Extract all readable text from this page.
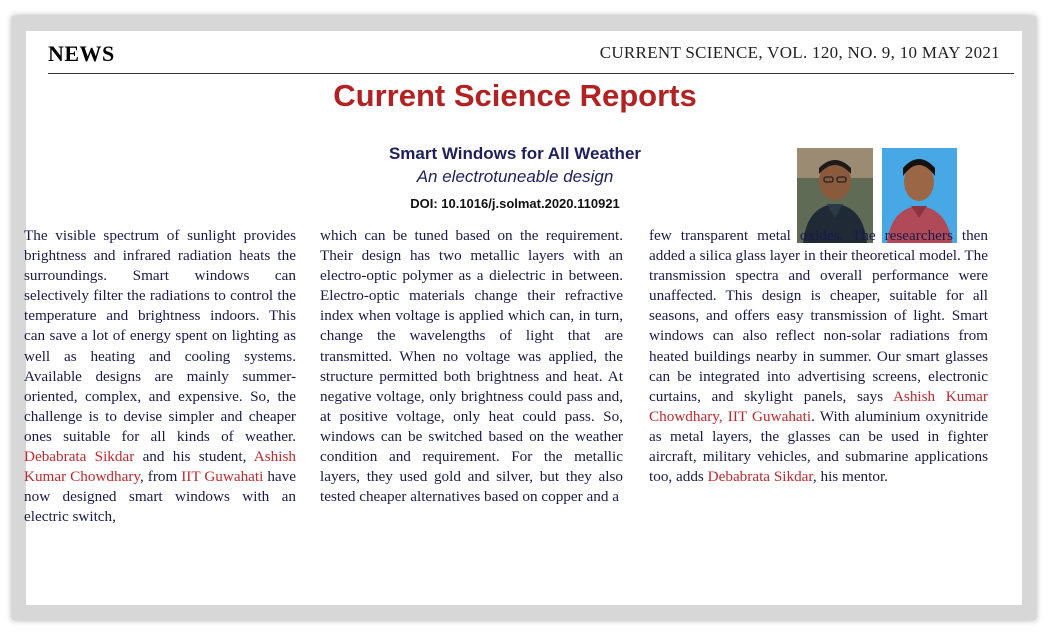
NEWS	CURRENT SCIENCE, VOL. 120, NO. 9, 10 MAY 2021
Current Science Reports
Smart Windows for All Weather
An electrotuneable design
DOI: 10.1016/j.solmat.2020.110921
The visible spectrum of sunlight provides brightness and infrared radiation heats the surroundings. Smart windows can selectively filter the radiations to control the temperature and brightness indoors. This can save a lot of energy spent on lighting as well as heating and cooling systems. Available designs are mainly summer-oriented, complex, and expensive. So, the challenge is to devise simpler and cheaper ones suitable for all kinds of weather. Debabrata Sikdar and his student, Ashish Kumar Chowdhary, from IIT Guwahati have now designed smart windows with an electric switch,
which can be tuned based on the requirement. Their design has two metallic layers with an electro-optic polymer as a dielectric in between. Electro-optic materials change their refractive index when voltage is applied which can, in turn, change the wavelengths of light that are transmitted. When no voltage was applied, the structure permitted both brightness and heat. At negative voltage, only brightness could pass and, at positive voltage, only heat could pass. So, windows can be switched based on the weather condition and requirement. For the metallic layers, they used gold and silver, but they also tested cheaper alternatives based on copper and a
few transparent metal oxides. The researchers then added a silica glass layer in their theoretical model. The transmission spectra and overall performance were unaffected. This design is cheaper, suitable for all seasons, and offers easy transmission of light. Smart windows can also reflect non-solar radiations from heated buildings nearby in summer. Our smart glasses can be integrated into advertising screens, electronic curtains, and skylight panels, says Ashish Kumar Chowdhary, IIT Guwahati. With aluminium oxynitride as metal layers, the glasses can be used in fighter aircraft, military vehicles, and submarine applications too, adds Debabrata Sikdar, his mentor.
